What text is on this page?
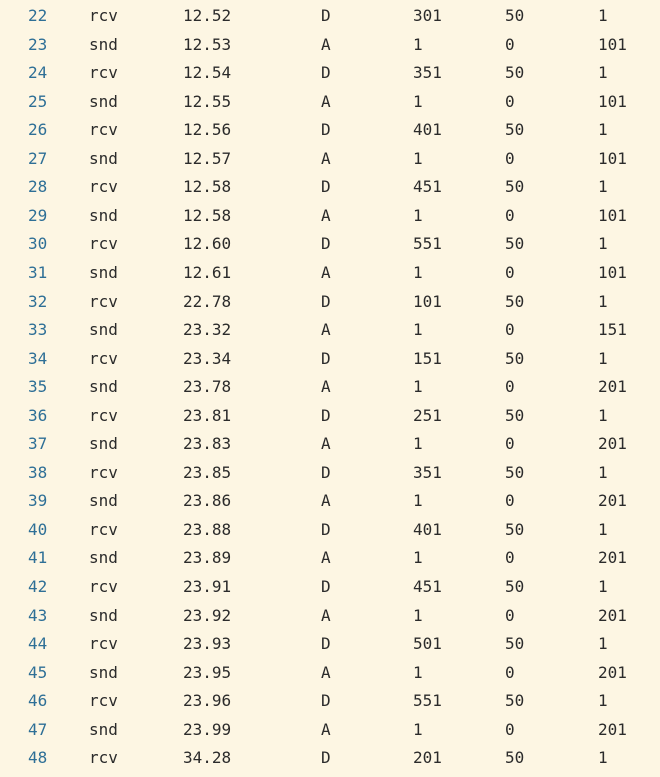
22	rcv	12.52	D	301	50	1
23	snd	12.53	A	1	0	101
24	rcv	12.54	D	351	50	1
25	snd	12.55	A	1	0	101
26	rcv	12.56	D	401	50	1
27	snd	12.57	A	1	0	101
28	rcv	12.58	D	451	50	1
29	snd	12.58	A	1	0	101
30	rcv	12.60	D	551	50	1
31	snd	12.61	A	1	0	101
32	rcv	22.78	D	101	50	1
33	snd	23.32	A	1	0	151
34	rcv	23.34	D	151	50	1
35	snd	23.78	A	1	0	201
36	rcv	23.81	D	251	50	1
37	snd	23.83	A	1	0	201
38	rcv	23.85	D	351	50	1
39	snd	23.86	A	1	0	201
40	rcv	23.88	D	401	50	1
41	snd	23.89	A	1	0	201
42	rcv	23.91	D	451	50	1
43	snd	23.92	A	1	0	201
44	rcv	23.93	D	501	50	1
45	snd	23.95	A	1	0	201
46	rcv	23.96	D	551	50	1
47	snd	23.99	A	1	0	201
48	rcv	34.28	D	201	50	1
